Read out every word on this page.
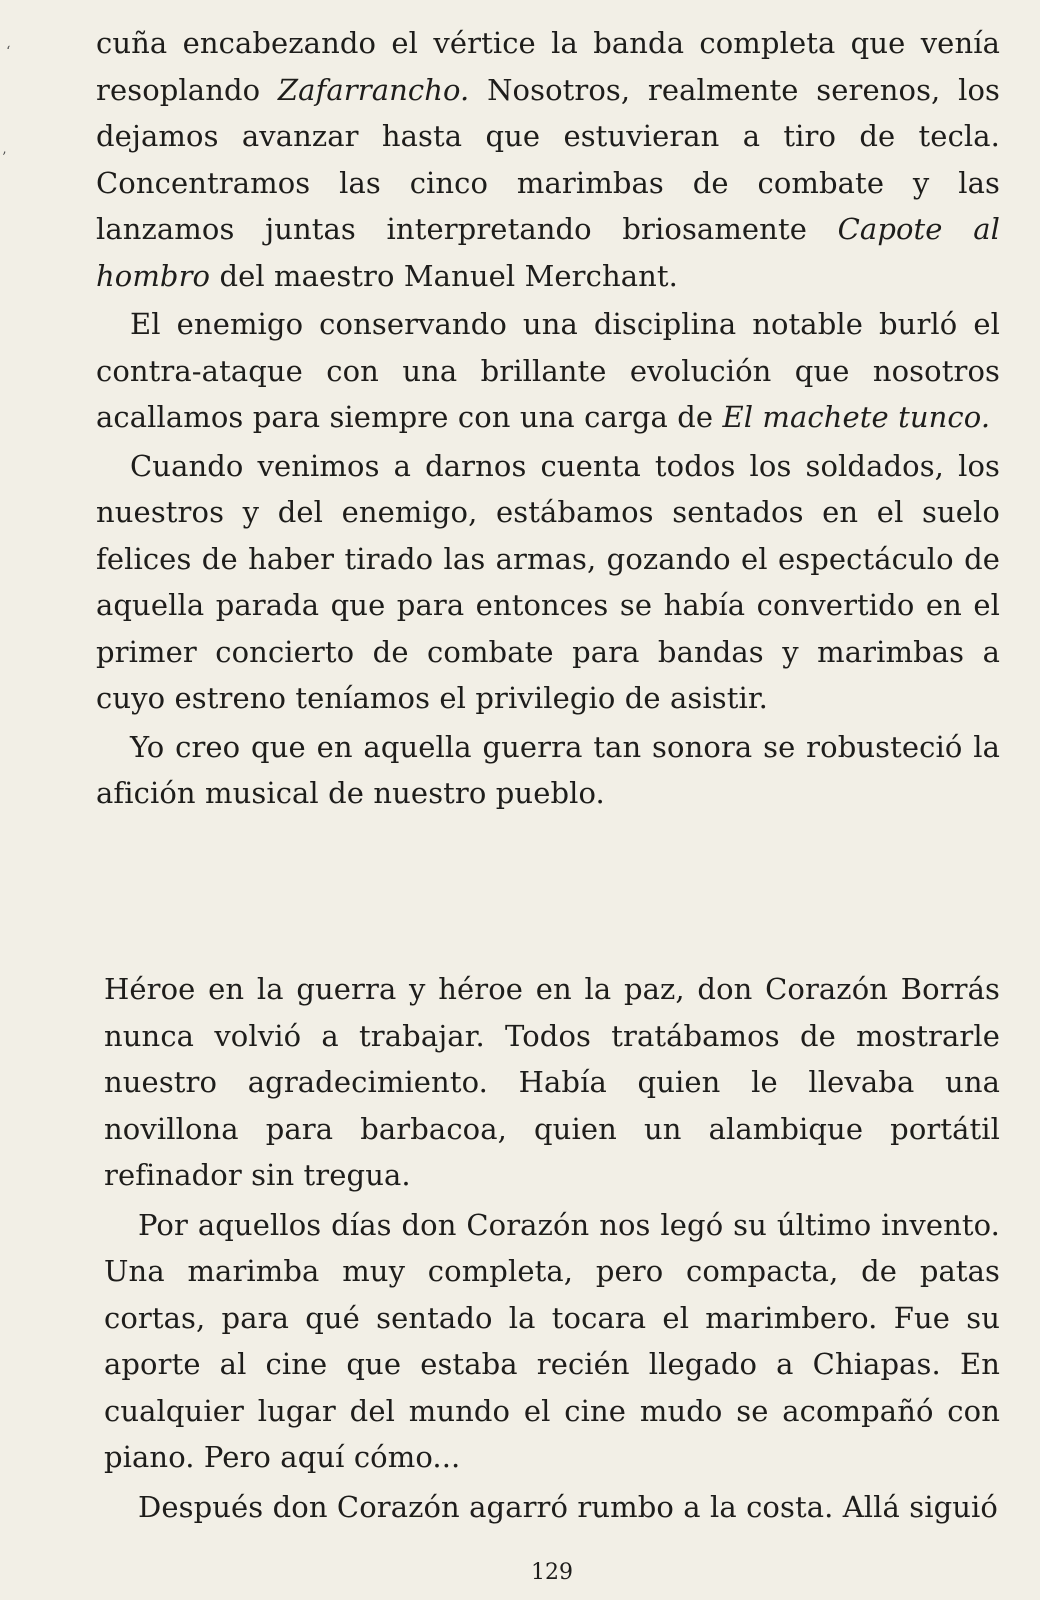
‘
’

cuña encabezando el vértice la banda completa que venía resoplando Zafarrancho. Nosotros, realmente serenos, los dejamos avanzar hasta que estuvieran a tiro de tecla. Concentramos las cinco marimbas de combate y las lanzamos juntas interpretando briosamente Capote al hombro del maestro Manuel Merchant.

El enemigo conservando una disciplina notable burló el contra-ataque con una brillante evolución que nosotros acallamos para siempre con una carga de El machete tunco.

Cuando venimos a darnos cuenta todos los soldados, los nuestros y del enemigo, estábamos sentados en el suelo felices de haber tirado las armas, gozando el espectáculo de aquella parada que para entonces se había convertido en el primer concierto de combate para bandas y marimbas a cuyo estreno teníamos el privilegio de asistir.

Yo creo que en aquella guerra tan sonora se robusteció la afición musical de nuestro pueblo.

Héroe en la guerra y héroe en la paz, don Corazón Borrás nunca volvió a trabajar. Todos tratábamos de mostrarle nuestro agradecimiento. Había quien le llevaba una novillona para barbacoa, quien un alambique portátil refinador sin tregua.

Por aquellos días don Corazón nos legó su último invento. Una marimba muy completa, pero compacta, de patas cortas, para qué sentado la tocara el marimbero. Fue su aporte al cine que estaba recién llegado a Chiapas. En cualquier lugar del mundo el cine mudo se acompañó con piano. Pero aquí cómo...

Después don Corazón agarró rumbo a la costa. Allá siguió

129
